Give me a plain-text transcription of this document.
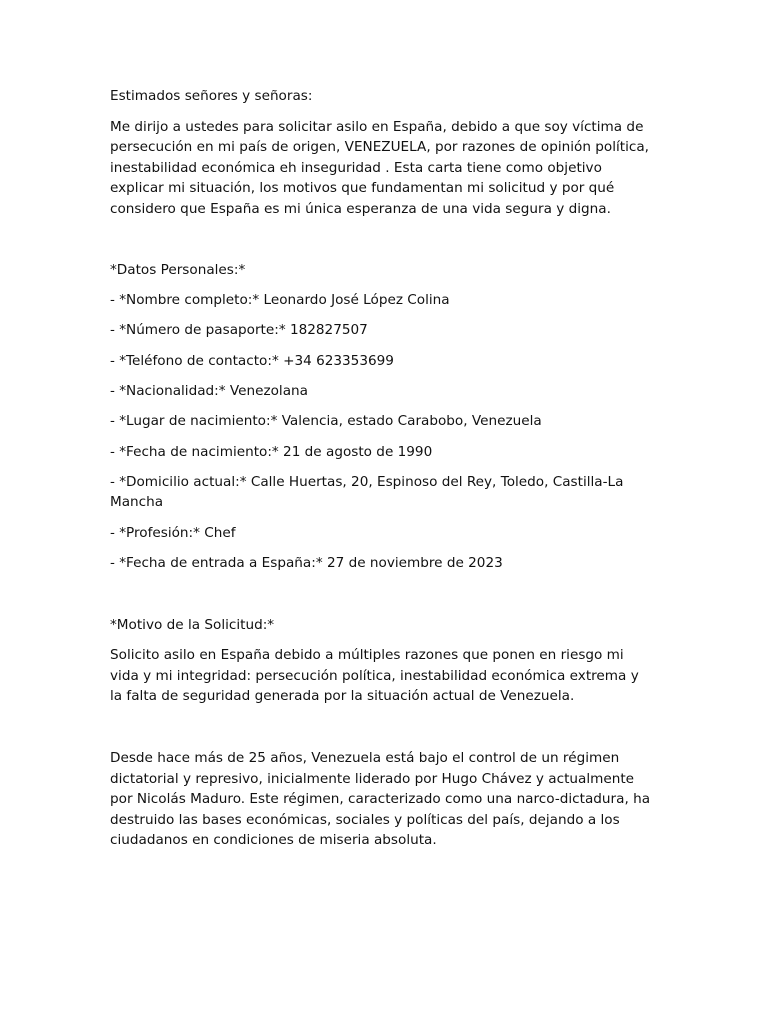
Estimados señores y señoras:

Me dirijo a ustedes para solicitar asilo en España, debido a que soy víctima de persecución en mi país de origen, VENEZUELA, por razones de opinión política, inestabilidad económica eh inseguridad . Esta carta tiene como objetivo explicar mi situación, los motivos que fundamentan mi solicitud y por qué considero que España es mi única esperanza de una vida segura y digna.

*Datos Personales:*

- *Nombre completo:* Leonardo José López Colina

- *Número de pasaporte:* 182827507

- *Teléfono de contacto:* +34 623353699

- *Nacionalidad:* Venezolana

- *Lugar de nacimiento:* Valencia, estado Carabobo, Venezuela

- *Fecha de nacimiento:* 21 de agosto de 1990

- *Domicilio actual:* Calle Huertas, 20, Espinoso del Rey, Toledo, Castilla-La Mancha

- *Profesión:* Chef

- *Fecha de entrada a España:* 27 de noviembre de 2023

*Motivo de la Solicitud:*

Solicito asilo en España debido a múltiples razones que ponen en riesgo mi vida y mi integridad: persecución política, inestabilidad económica extrema y la falta de seguridad generada por la situación actual de Venezuela.

Desde hace más de 25 años, Venezuela está bajo el control de un régimen dictatorial y represivo, inicialmente liderado por Hugo Chávez y actualmente por Nicolás Maduro. Este régimen, caracterizado como una narco-dictadura, ha destruido las bases económicas, sociales y políticas del país, dejando a los ciudadanos en condiciones de miseria absoluta.
